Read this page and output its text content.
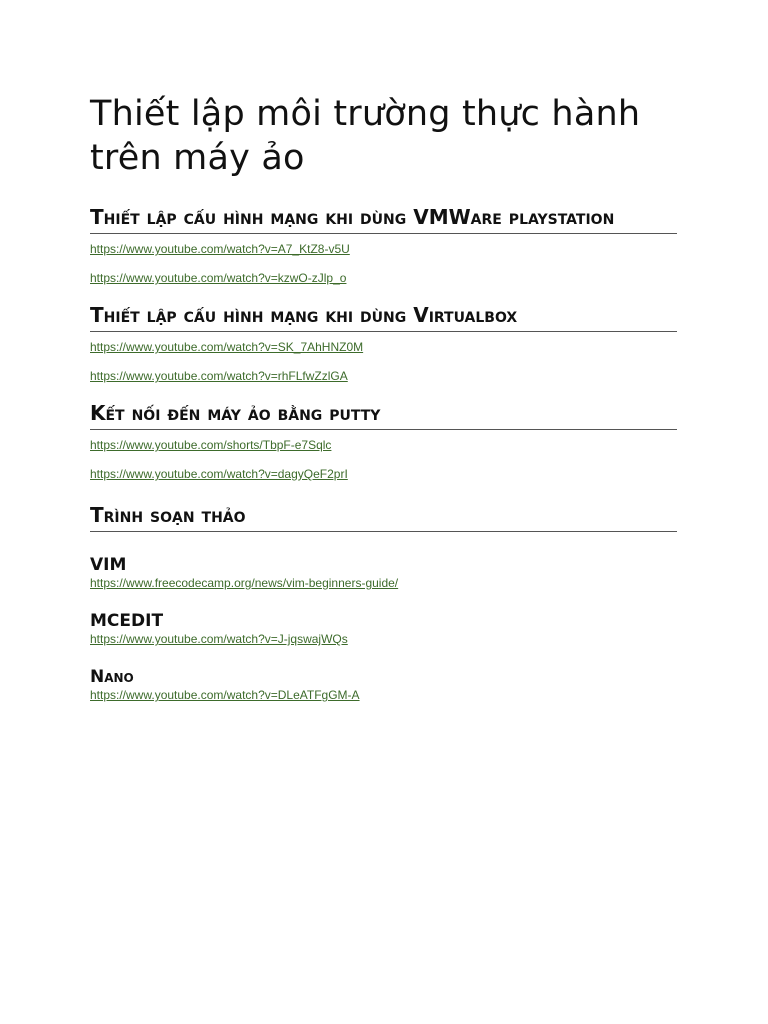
Thiết lập môi trường thực hành trên máy ảo
Thiết lập cấu hình mạng khi dùng VMWare playstation
https://www.youtube.com/watch?v=A7_KtZ8-v5U
https://www.youtube.com/watch?v=kzwO-zJlp_o
Thiết lập cấu hình mạng khi dùng Virtualbox
https://www.youtube.com/watch?v=SK_7AhHNZ0M
https://www.youtube.com/watch?v=rhFLfwZzlGA
Kết nối đến máy ảo bằng putty
https://www.youtube.com/shorts/TbpF-e7Sqlc
https://www.youtube.com/watch?v=dagyQeF2prI
Trình soạn thảo
VIM
https://www.freecodecamp.org/news/vim-beginners-guide/
MCEDIT
https://www.youtube.com/watch?v=J-jqswajWQs
Nano
https://www.youtube.com/watch?v=DLeATFgGM-A
